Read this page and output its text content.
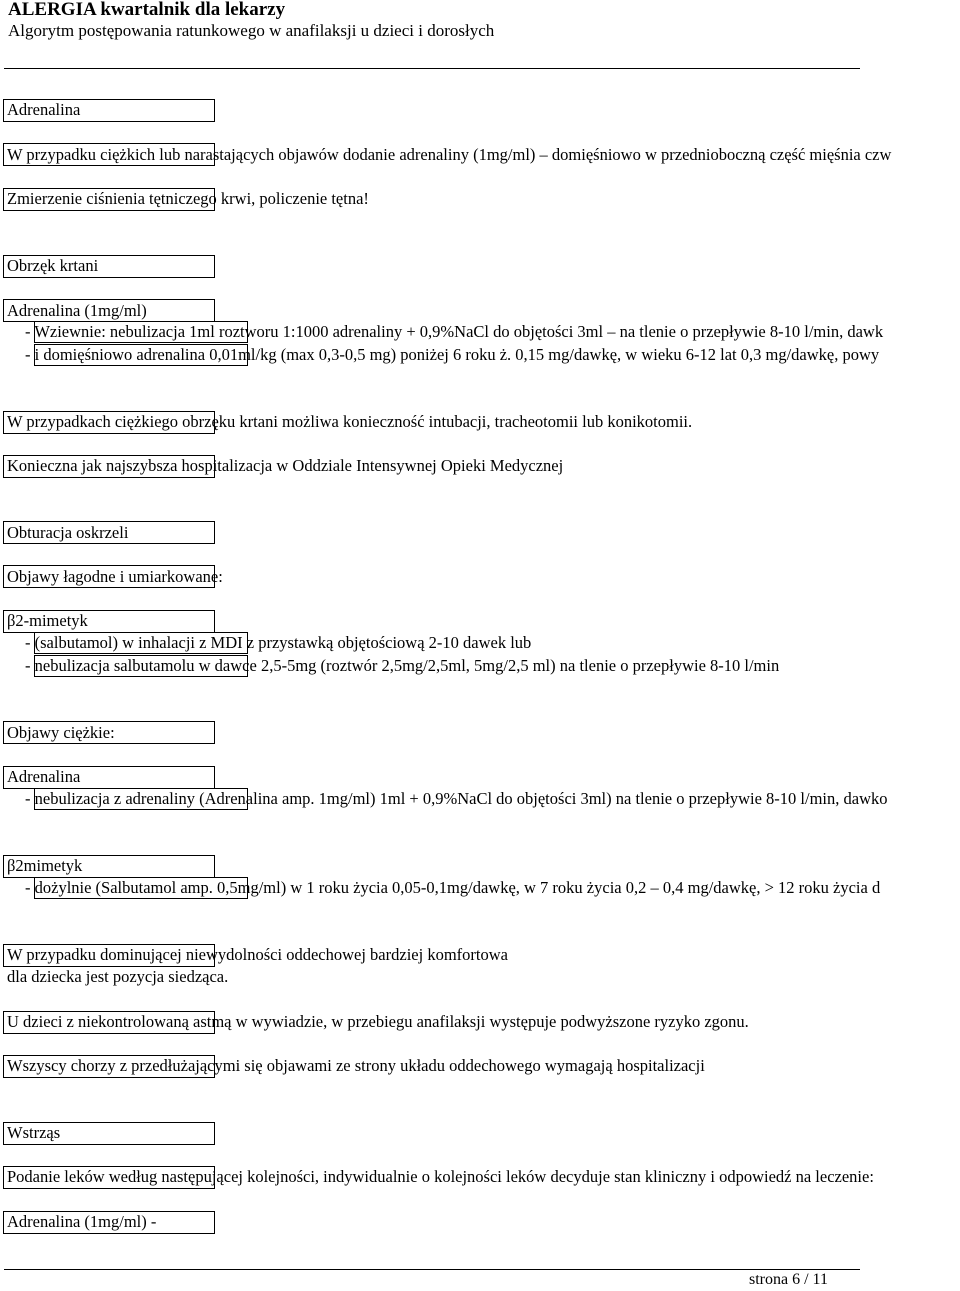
ALERGIA kwartalnik dla lekarzy
Algorytm postępowania ratunkowego w anafilaksji u dzieci i dorosłych
Adrenalina
W przypadku ciężkich lub narastających objawów dodanie adrenaliny (1mg/ml) – domięśniowo w przednioboczną część mięśnia czw
Zmierzenie ciśnienia tętniczego krwi, policzenie tętna!
Obrzęk krtani
Adrenalina (1mg/ml)
- Wziewnie: nebulizacja 1ml roztworu 1:1000 adrenaliny + 0,9%NaCl do objętości 3ml – na tlenie o przepływie 8-10 l/min, dawk
- i domięśniowo adrenalina 0,01ml/kg (max 0,3-0,5 mg) poniżej 6 roku ż. 0,15 mg/dawkę, w wieku 6-12 lat 0,3 mg/dawkę, powy
W przypadkach ciężkiego obrzęku krtani możliwa konieczność intubacji, tracheotomii lub konikotomii.
Konieczna jak najszybsza hospitalizacja w Oddziale Intensywnej Opieki Medycznej
Obturacja oskrzeli
Objawy łagodne i umiarkowane:
β2-mimetyk
- (salbutamol) w inhalacji z MDI z przystawką objętościową 2-10 dawek lub
- nebulizacja salbutamolu w dawce 2,5-5mg (roztwór 2,5mg/2,5ml, 5mg/2,5 ml) na tlenie o przepływie 8-10 l/min
Objawy ciężkie:
Adrenalina
- nebulizacja z adrenaliny (Adrenalina amp. 1mg/ml) 1ml + 0,9%NaCl do objętości 3ml) na tlenie o przepływie 8-10 l/min, dawko
β2mimetyk
- dożylnie (Salbutamol amp. 0,5mg/ml) w 1 roku życia 0,05-0,1mg/dawkę, w 7 roku życia 0,2 – 0,4 mg/dawkę, > 12 roku życia d
W przypadku dominującej niewydolności oddechowej bardziej komfortowa
dla dziecka jest pozycja siedząca.
U dzieci z niekontrolowaną astmą w wywiadzie, w przebiegu anafilaksji występuje podwyższone ryzyko zgonu.
Wszyscy chorzy z przedłużającymi się objawami ze strony układu oddechowego wymagają hospitalizacji
Wstrząs
Podanie leków według następującej kolejności, indywidualnie o kolejności leków decyduje stan kliniczny i odpowiedź na leczenie:
Adrenalina (1mg/ml) -
strona 6 / 11
